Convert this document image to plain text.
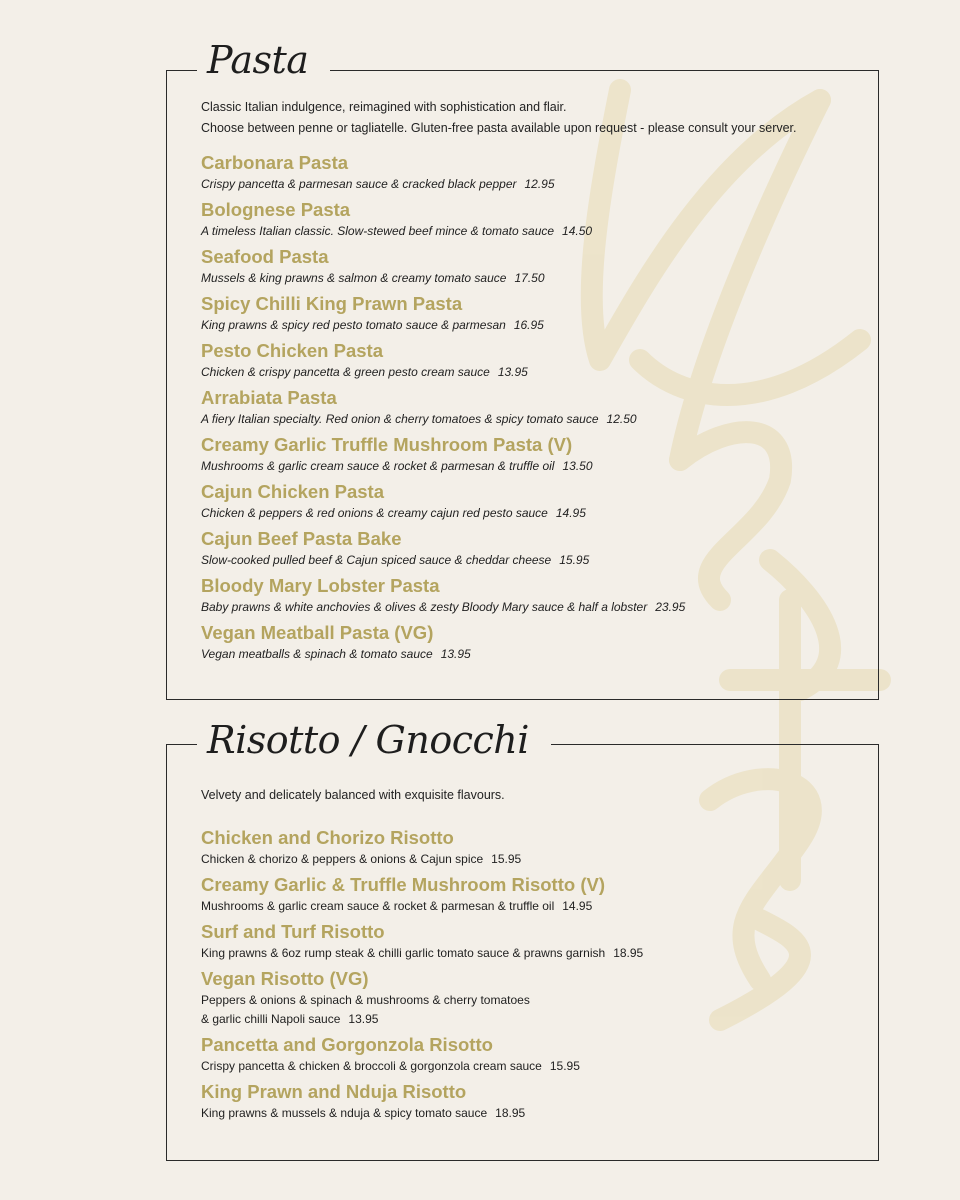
Pasta

Classic Italian indulgence, reimagined with sophistication and flair.

Choose between penne or tagliatelle. Gluten-free pasta available upon request - please consult your server.

Carbonara Pasta
Crispy pancetta & parmesan sauce & cracked black pepper 12.95
Bolognese Pasta
A timeless Italian classic. Slow-stewed beef mince & tomato sauce 14.50
Seafood Pasta
Mussels & king prawns & salmon & creamy tomato sauce 17.50
Spicy Chilli King Prawn Pasta
King prawns & spicy red pesto tomato sauce & parmesan 16.95
Pesto Chicken Pasta
Chicken & crispy pancetta & green pesto cream sauce 13.95
Arrabiata Pasta
A fiery Italian specialty. Red onion & cherry tomatoes & spicy tomato sauce 12.50
Creamy Garlic Truffle Mushroom Pasta (V)
Mushrooms & garlic cream sauce & rocket & parmesan & truffle oil 13.50
Cajun Chicken Pasta
Chicken & peppers & red onions & creamy cajun red pesto sauce 14.95
Cajun Beef Pasta Bake
Slow-cooked pulled beef & Cajun spiced sauce & cheddar cheese 15.95
Bloody Mary Lobster Pasta
Baby prawns & white anchovies & olives & zesty Bloody Mary sauce & half a lobster 23.95
Vegan Meatball Pasta (VG)
Vegan meatballs & spinach & tomato sauce 13.95
Risotto / Gnocchi

Velvety and delicately balanced with exquisite flavours.

Chicken and Chorizo Risotto
Chicken & chorizo & peppers & onions & Cajun spice 15.95
Creamy Garlic & Truffle Mushroom Risotto (V)
Mushrooms & garlic cream sauce & rocket & parmesan & truffle oil 14.95
Surf and Turf Risotto
King prawns & 6oz rump steak & chilli garlic tomato sauce & prawns garnish 18.95
Vegan Risotto (VG)
Peppers & onions & spinach & mushrooms & cherry tomatoes
& garlic chilli Napoli sauce 13.95
Pancetta and Gorgonzola Risotto
Crispy pancetta & chicken & broccoli & gorgonzola cream sauce 15.95
King Prawn and Nduja Risotto
King prawns & mussels & nduja & spicy tomato sauce 18.95
